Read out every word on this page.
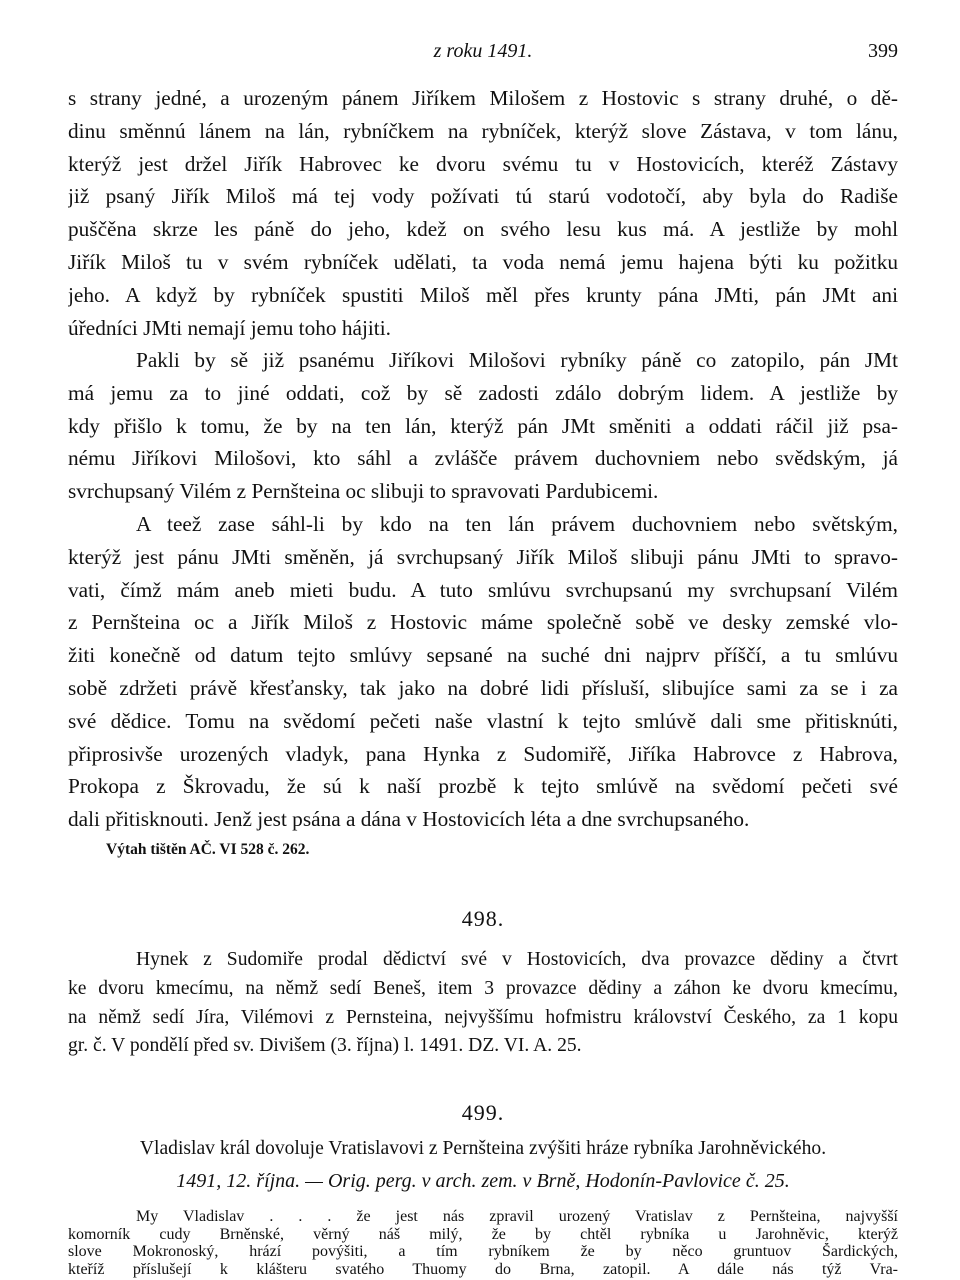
z roku 1491.	399

s strany jedné, a urozeným pánem Jiříkem Milošem z Hostovic s strany druhé, o dě-
dinu směnnú lánem na lán, rybníčkem na rybníček, kterýž slove Zástava, v tom lánu,
kterýž jest držel Jiřík Habrovec ke dvoru svému tu v Hostovicích, kteréž Zástavy
již psaný Jiřík Miloš má tej vody požívati tú starú vodotočí, aby byla do Radiše
puščěna skrze les páně do jeho, kdež on svého lesu kus má. A jestliže by mohl
Jiřík Miloš tu v svém rybníček udělati, ta voda nemá jemu hajena býti ku požitku
jeho. A když by rybníček spustiti Miloš měl přes krunty pána JMti, pán JMt ani
úředníci JMti nemají jemu toho hájiti.

Pakli by sě již psanému Jiříkovi Milošovi rybníky páně co zatopilo, pán JMt
má jemu za to jiné oddati, což by sě zadosti zdálo dobrým lidem. A jestliže by
kdy přišlo k tomu, že by na ten lán, kterýž pán JMt směniti a oddati ráčil již psa-
nému Jiříkovi Milošovi, kto sáhl a zvlášče právem duchovniem nebo svědským, já
svrchupsaný Vilém z Pernšteina oc slibuji to spravovati Pardubicemi.

A teež zase sáhl-li by kdo na ten lán právem duchovniem nebo světským,
kterýž jest pánu JMti směněn, já svrchupsaný Jiřík Miloš slibuji pánu JMti to spravo-
vati, čímž mám aneb mieti budu. A tuto smlúvu svrchupsanú my svrchupsaní Vilém
z Pernšteina oc a Jiřík Miloš z Hostovic máme společně sobě ve desky zemské vlo-
žiti konečně od datum tejto smlúvy sepsané na suché dni najprv příščí, a tu smlúvu
sobě zdržeti právě křesťansky, tak jako na dobré lidi přísluší, slibujíce sami za se i za
své dědice. Tomu na svědomí pečeti naše vlastní k tejto smlúvě dali sme přitisknúti,
připrosivše urozených vladyk, pana Hynka z Sudomiřě, Jiříka Habrovce z Habrova,
Prokopa z Škrovadu, že sú k naší prozbě k tejto smlúvě na svědomí pečeti své
dali přitisknouti. Jenž jest psána a dána v Hostovicích léta a dne svrchupsaného.

Výtah tištěn AČ. VI 528 č. 262.
498.

Hynek z Sudomiře prodal dědictví své v Hostovicích, dva provazce dědiny a čtvrt
ke dvoru kmecímu, na němž sedí Beneš, item 3 provazce dědiny a záhon ke dvoru kmecímu,
na němž sedí Jíra, Vilémovi z Pernsteina, nejvyššímu hofmistru království Českého, za 1 kopu
gr. č. V pondělí před sv. Divišem (3. října) l. 1491. DZ. VI. A. 25.

499.
Vladislav král dovoluje Vratislavovi z Pernšteina zvýšiti hráze rybníka Jarohněvického.
1491, 12. října. — Orig. perg. v arch. zem. v Brně, Hodonín-Pavlovice č. 25.

My Vladislav . . . že jest nás zpravil urozený Vratislav z Pernšteina, najvyšší
komorník cudy Brněnské, věrný náš milý, že by chtěl rybníka u Jarohněvic, kterýž
slove Mokronoský, hrází povýšiti, a tím rybníkem že by něco gruntuov Šardických,
kteříž příslušejí k klášteru svatého Thuomy do Brna, zatopil. A dále nás týž Vra-
